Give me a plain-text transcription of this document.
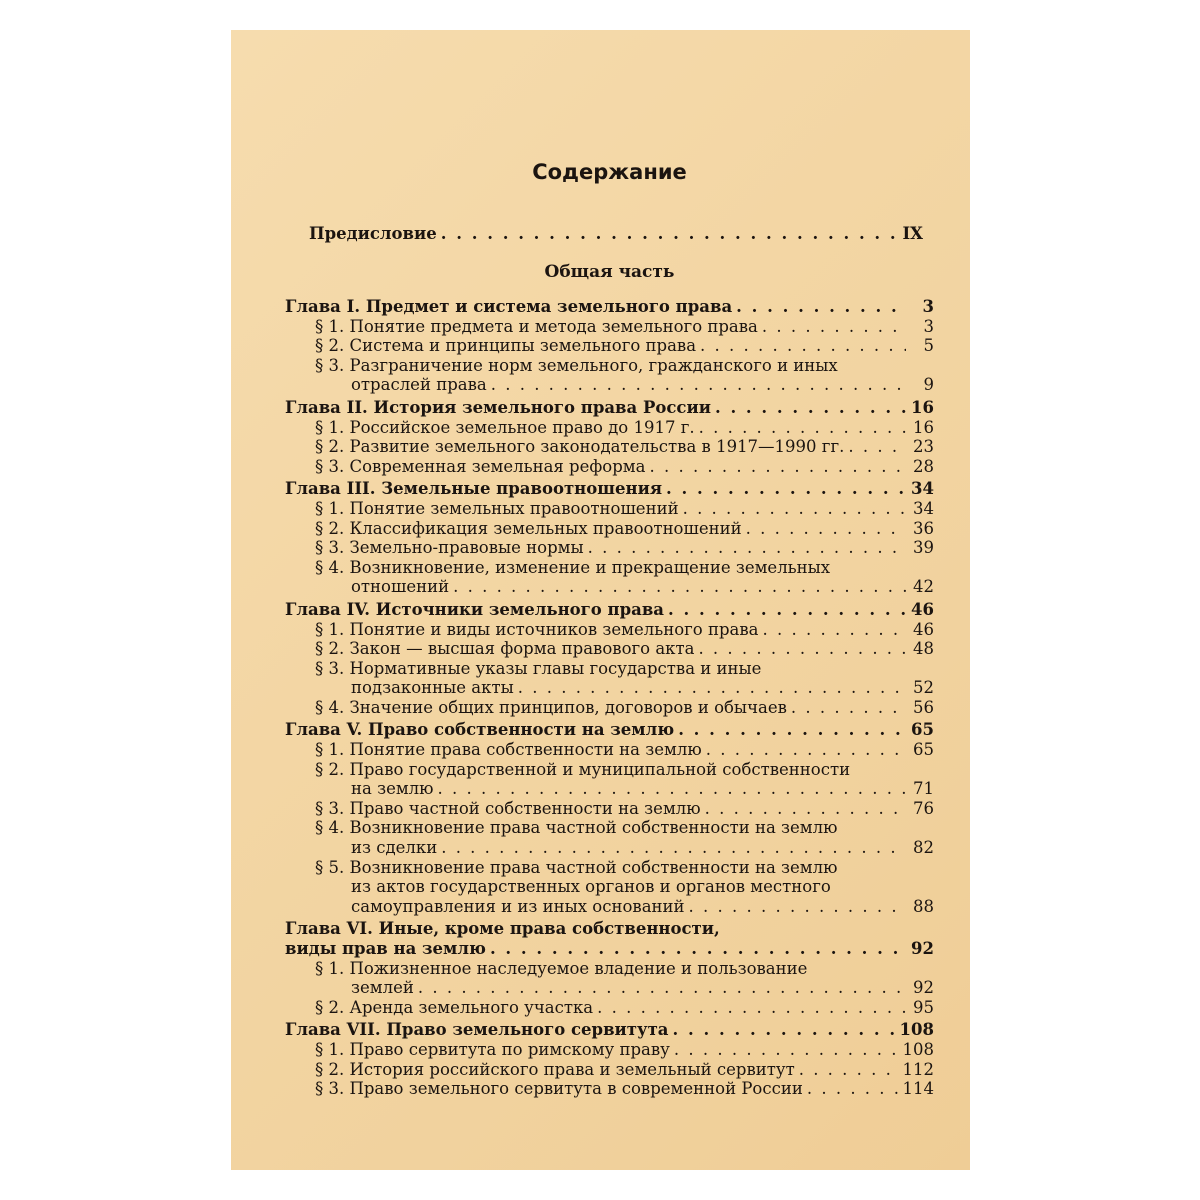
Содержание
Предисловие . . .	IX
Общая часть
Глава I. Предмет и система земельного права . . .	3
§ 1. Понятие предмета и метода земельного права . . .	3
§ 2. Система и принципы земельного права . . .	5
§ 3. Разграничение норм земельного, гражданского и иных
отраслей права . . .	9
Глава II. История земельного права России . . .	16
§ 1. Российское земельное право до 1917 г. . . .	16
§ 2. Развитие земельного законодательства в 1917—1990 гг. . . .	23
§ 3. Современная земельная реформа . . .	28
Глава III. Земельные правоотношения . . .	34
§ 1. Понятие земельных правоотношений . . .	34
§ 2. Классификация земельных правоотношений . . .	36
§ 3. Земельно-правовые нормы . . .	39
§ 4. Возникновение, изменение и прекращение земельных
отношений . . .	42
Глава IV. Источники земельного права . . .	46
§ 1. Понятие и виды источников земельного права . . .	46
§ 2. Закон — высшая форма правового акта . . .	48
§ 3. Нормативные указы главы государства и иные
подзаконные акты . . .	52
§ 4. Значение общих принципов, договоров и обычаев . . .	56
Глава V. Право собственности на землю . . .	65
§ 1. Понятие права собственности на землю . . .	65
§ 2. Право государственной и муниципальной собственности
на землю . . .	71
§ 3. Право частной собственности на землю . . .	76
§ 4. Возникновение права частной собственности на землю
из сделки . . .	82
§ 5. Возникновение права частной собственности на землю
из актов государственных органов и органов местного
самоуправления и из иных оснований . . .	88
Глава VI. Иные, кроме права собственности,
виды прав на землю . . .	92
§ 1. Пожизненное наследуемое владение и пользование
землей . . .	92
§ 2. Аренда земельного участка . . .	95
Глава VII. Право земельного сервитута . . .	108
§ 1. Право сервитута по римскому праву . . .	108
§ 2. История российского права и земельный сервитут . . .	112
§ 3. Право земельного сервитута в современной России . . .	114
